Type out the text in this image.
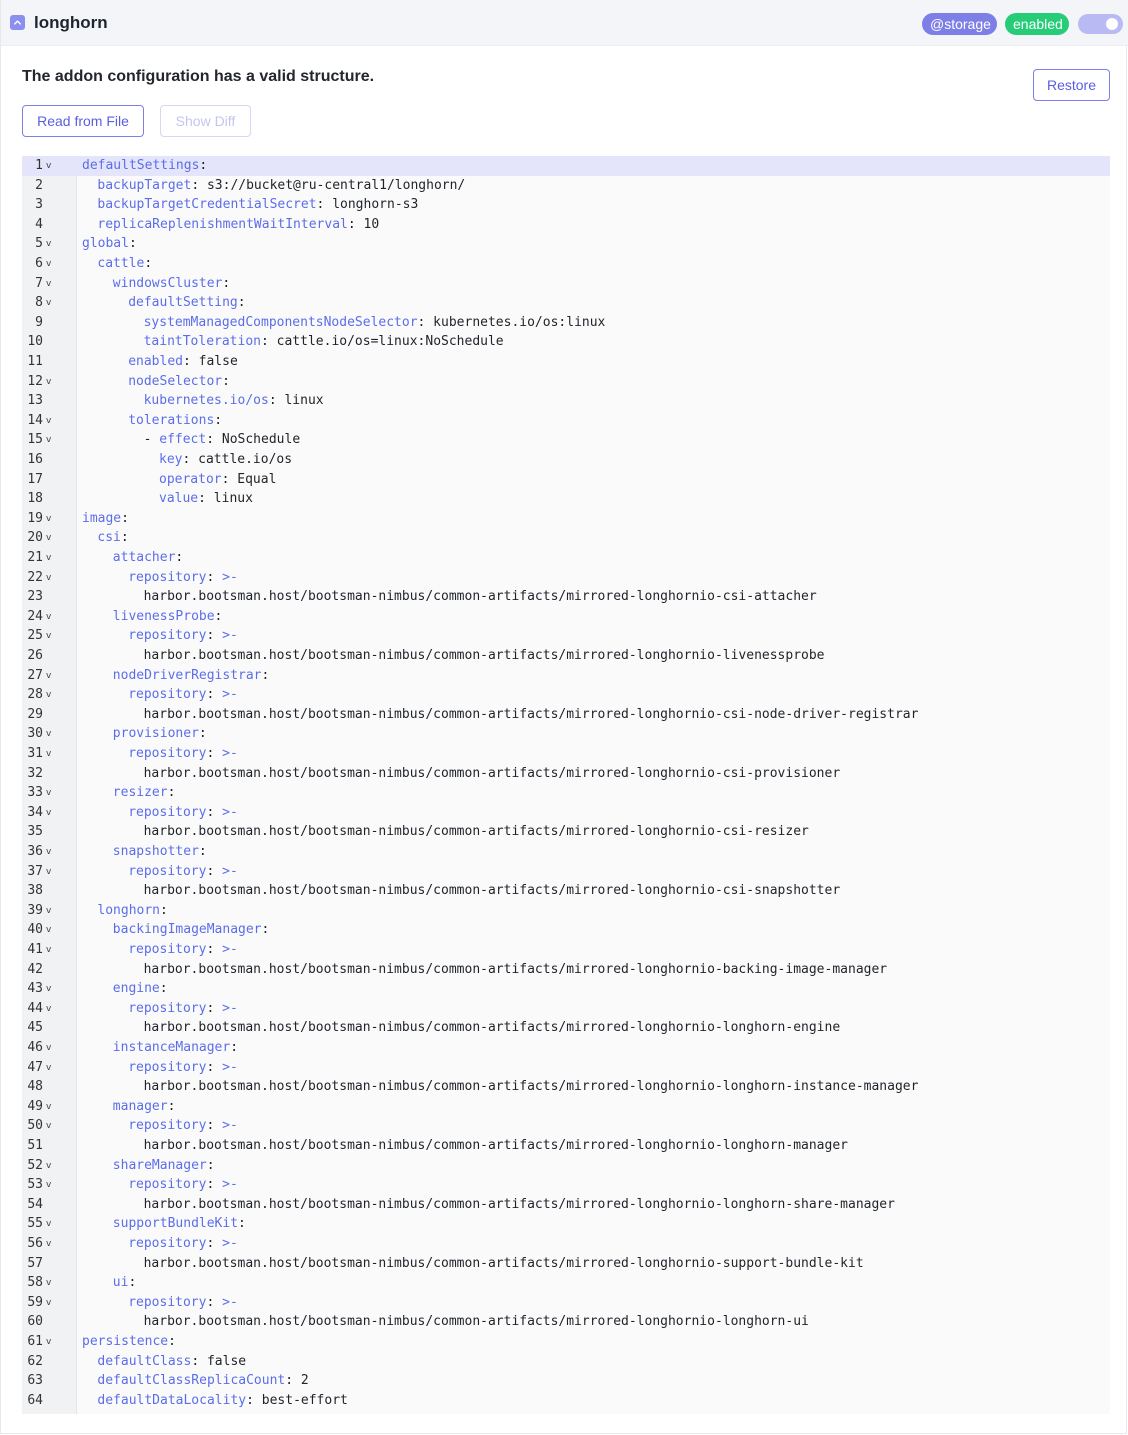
longhorn	@storage	enabled
The addon configuration has a valid structure.	Restore
Read from File	Show Diff
1 v defaultSettings:
2	backupTarget: s3://bucket@ru-central1/longhorn/
3	backupTargetCredentialSecret: longhorn-s3
4	replicaReplenishmentWaitInterval: 10
5 v global:
6 v	cattle:
7 v	windowsCluster:
8 v	defaultSetting:
9	systemManagedComponentsNodeSelector: kubernetes.io/os:linux
10	taintToleration: cattle.io/os=linux:NoSchedule
11	enabled: false
12 v	nodeSelector:
13	kubernetes.io/os: linux
14 v	tolerations:
15 v	- effect: NoSchedule
16	key: cattle.io/os
17	operator: Equal
18	value: linux
19 v image:
20 v	csi:
21 v	attacher:
22 v	repository: >-
23	harbor.bootsman.host/bootsman-nimbus/common-artifacts/mirrored-longhornio-csi-attacher
24 v	livenessProbe:
25 v	repository: >-
26	harbor.bootsman.host/bootsman-nimbus/common-artifacts/mirrored-longhornio-livenessprobe
27 v	nodeDriverRegistrar:
28 v	repository: >-
29	harbor.bootsman.host/bootsman-nimbus/common-artifacts/mirrored-longhornio-csi-node-driver-registrar
30 v	provisioner:
31 v	repository: >-
32	harbor.bootsman.host/bootsman-nimbus/common-artifacts/mirrored-longhornio-csi-provisioner
33 v	resizer:
34 v	repository: >-
35	harbor.bootsman.host/bootsman-nimbus/common-artifacts/mirrored-longhornio-csi-resizer
36 v	snapshotter:
37 v	repository: >-
38	harbor.bootsman.host/bootsman-nimbus/common-artifacts/mirrored-longhornio-csi-snapshotter
39 v	longhorn:
40 v	backingImageManager:
41 v	repository: >-
42	harbor.bootsman.host/bootsman-nimbus/common-artifacts/mirrored-longhornio-backing-image-manager
43 v	engine:
44 v	repository: >-
45	harbor.bootsman.host/bootsman-nimbus/common-artifacts/mirrored-longhornio-longhorn-engine
46 v	instanceManager:
47 v	repository: >-
48	harbor.bootsman.host/bootsman-nimbus/common-artifacts/mirrored-longhornio-longhorn-instance-manager
49 v	manager:
50 v	repository: >-
51	harbor.bootsman.host/bootsman-nimbus/common-artifacts/mirrored-longhornio-longhorn-manager
52 v	shareManager:
53 v	repository: >-
54	harbor.bootsman.host/bootsman-nimbus/common-artifacts/mirrored-longhornio-longhorn-share-manager
55 v	supportBundleKit:
56 v	repository: >-
57	harbor.bootsman.host/bootsman-nimbus/common-artifacts/mirrored-longhornio-support-bundle-kit
58 v	ui:
59 v	repository: >-
60	harbor.bootsman.host/bootsman-nimbus/common-artifacts/mirrored-longhornio-longhorn-ui
61 v persistence:
62	defaultClass: false
63	defaultClassReplicaCount: 2
64	defaultDataLocality: best-effort
